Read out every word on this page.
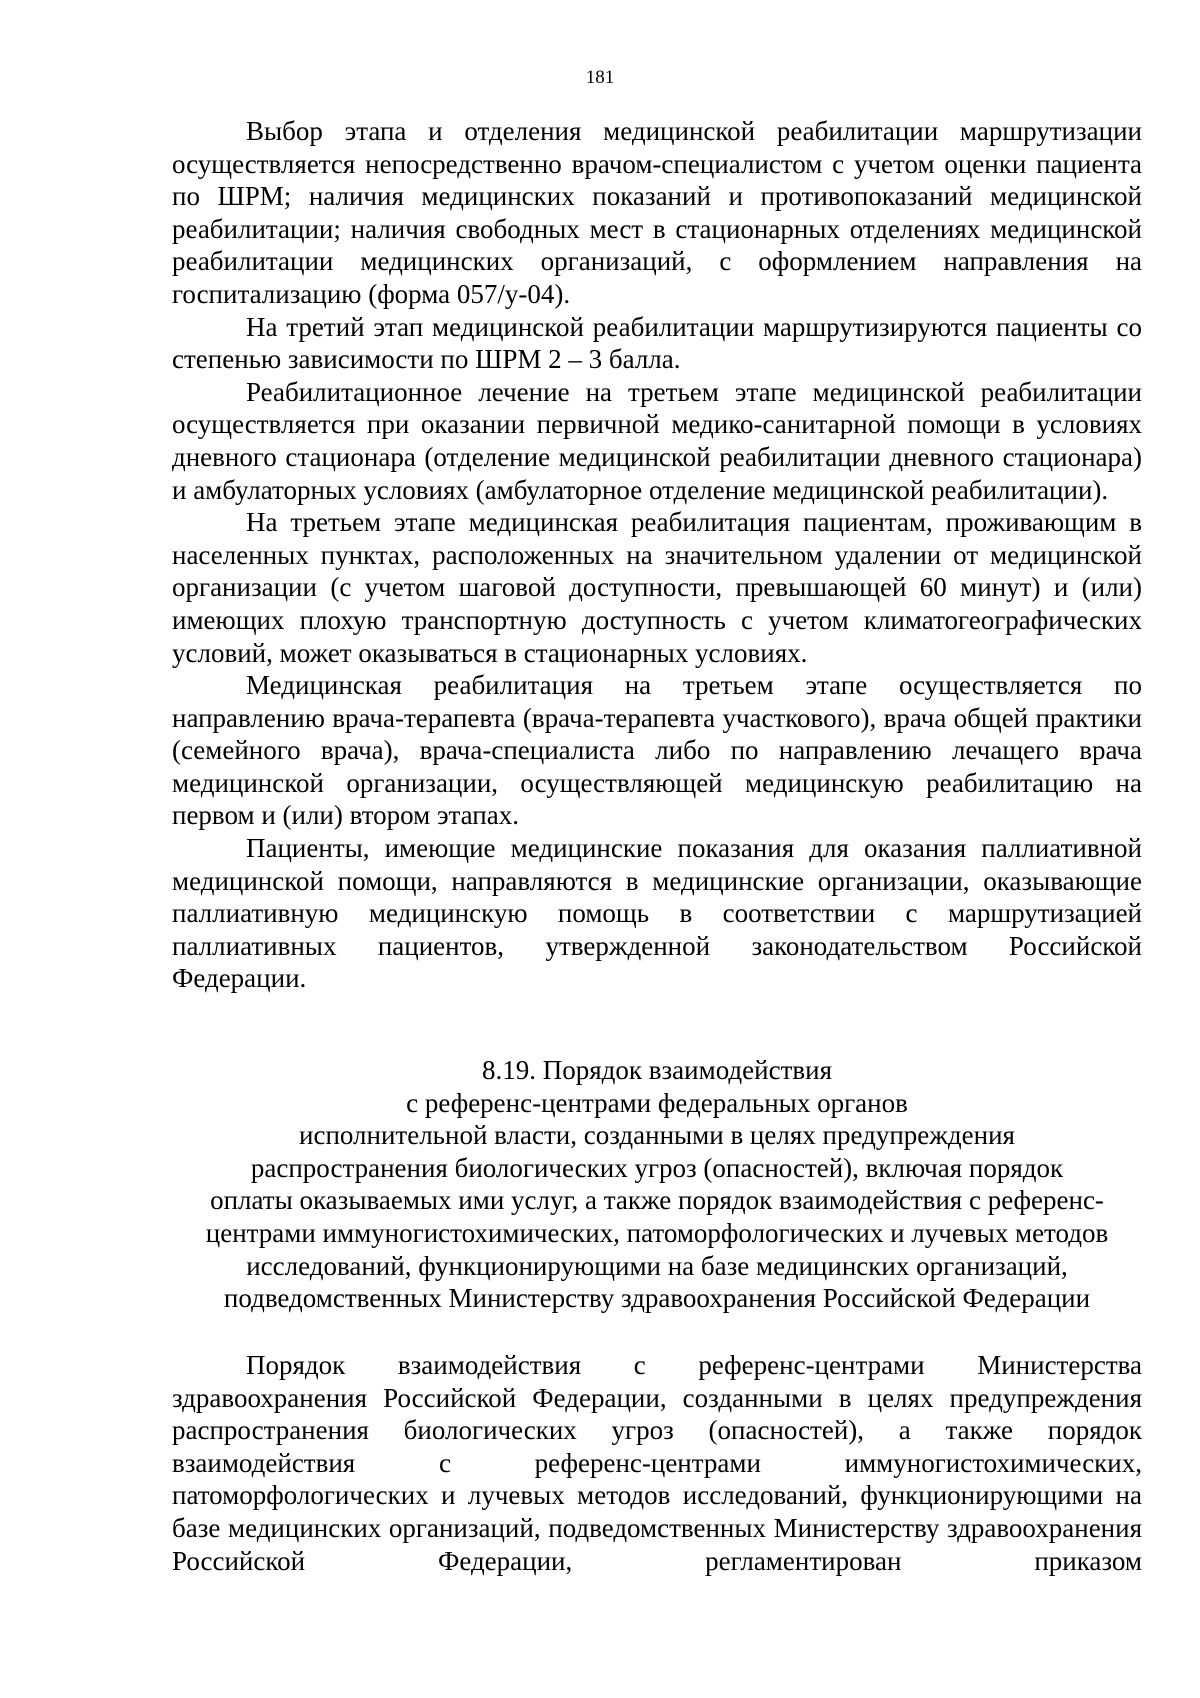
181

Выбор этапа и отделения медицинской реабилитации маршрутизации осуществляется непосредственно врачом-специалистом с учетом оценки пациента по ШРМ; наличия медицинских показаний и противопоказаний медицинской реабилитации; наличия свободных мест в стационарных отделениях медицинской реабилитации медицинских организаций, с оформлением направления на госпитализацию (форма 057/у-04).

На третий этап медицинской реабилитации маршрутизируются пациенты со степенью зависимости по ШРМ 2 – 3 балла.

Реабилитационное лечение на третьем этапе медицинской реабилитации осуществляется при оказании первичной медико-санитарной помощи в условиях дневного стационара (отделение медицинской реабилитации дневного стационара) и амбулаторных условиях (амбулаторное отделение медицинской реабилитации).

На третьем этапе медицинская реабилитация пациентам, проживающим в населенных пунктах, расположенных на значительном удалении от медицинской организации (с учетом шаговой доступности, превышающей 60 минут) и (или) имеющих плохую транспортную доступность с учетом климатогеографических условий, может оказываться в стационарных условиях.

Медицинская реабилитация на третьем этапе осуществляется по направлению врача-терапевта (врача-терапевта участкового), врача общей практики (семейного врача), врача-специалиста либо по направлению лечащего врача медицинской организации, осуществляющей медицинскую реабилитацию на первом и (или) втором этапах.

Пациенты, имеющие медицинские показания для оказания паллиативной медицинской помощи, направляются в медицинские организации, оказывающие паллиативную медицинскую помощь в соответствии с маршрутизацией паллиативных пациентов, утвержденной законодательством Российской Федерации.

8.19. Порядок взаимодействия
с референс-центрами федеральных органов
исполнительной власти, созданными в целях предупреждения
распространения биологических угроз (опасностей), включая порядок
оплаты оказываемых ими услуг, а также порядок взаимодействия с референс-
центрами иммуногистохимических, патоморфологических и лучевых методов
исследований, функционирующими на базе медицинских организаций,
подведомственных Министерству здравоохранения Российской Федерации

Порядок взаимодействия с референс-центрами Министерства здравоохранения Российской Федерации, созданными в целях предупреждения распространения биологических угроз (опасностей), а также порядок взаимодействия с референс-центрами иммуногистохимических, патоморфологических и лучевых методов исследований, функционирующими на базе медицинских организаций, подведомственных Министерству здравоохранения Российской Федерации, регламентирован приказом
